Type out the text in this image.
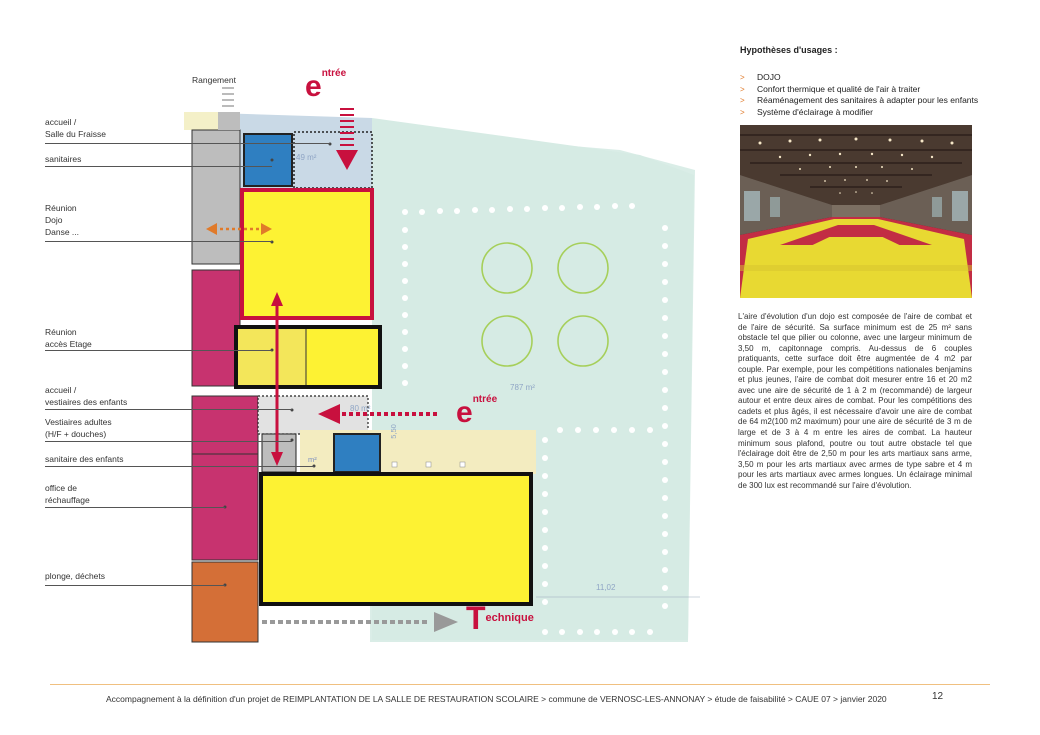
$e^{ntrée}$
$e^{ntrée}$
$T^{echnique}$
49 m²
787 m²
80 m²
m²
5,50
11,02
Rangement
accueil /
Salle du Fraisse
sanitaires
Réunion
Dojo
Danse ...
Réunion
accès Etage
accueil /
vestiaires des enfants
Vestiaires adultes
(H/F + douches)
sanitaire des enfants
office de
réchauffage
plonge, déchets
Hypothèses d'usages :
> DOJO
> Confort thermique et qualité de l'air à traiter
> Réaménagement des sanitaires à adapter pour les enfants
> Système d'éclairage à modifier
L'aire d'évolution d'un dojo est composée de l'aire de combat et de l'aire de sécurité. Sa surface minimum est de 25 m² sans obstacle tel que pilier ou colonne, avec une largeur minimum de 3,50 m, capitonnage compris. Au-dessus de 6 couples pratiquants, cette surface doit être augmentée de 4 m2 par couple. Par exemple, pour les compétitions nationales benjamins et plus jeunes, l'aire de combat doit mesurer entre 16 et 20 m2 avec une aire de sécurité de 1 à 2 m (recommandé) de largeur autour et entre deux aires de combat. Pour les compétitions des cadets et plus âgés, il est nécessaire d'avoir une aire de combat de 64 m2(100 m2 maximum) pour une aire de sécurité de 3 m de large et de 3 à 4 m entre les aires de combat. La hauteur minimum sous plafond, poutre ou tout autre obstacle tel que l'éclairage doit être de 2,50 m pour les arts martiaux sans arme, 3,50 m pour les arts martiaux avec armes de type sabre et 4 m pour les arts martiaux avec armes longues. Un éclairage minimal de 300 lux est recommandé sur l'aire d'évolution.
Accompagnement à la définition d'un projet de REIMPLANTATION DE LA SALLE DE RESTAURATION SCOLAIRE > commune de VERNOSC-LES-ANNONAY > étude de faisabilité > CAUE 07 > janvier 2020	12
